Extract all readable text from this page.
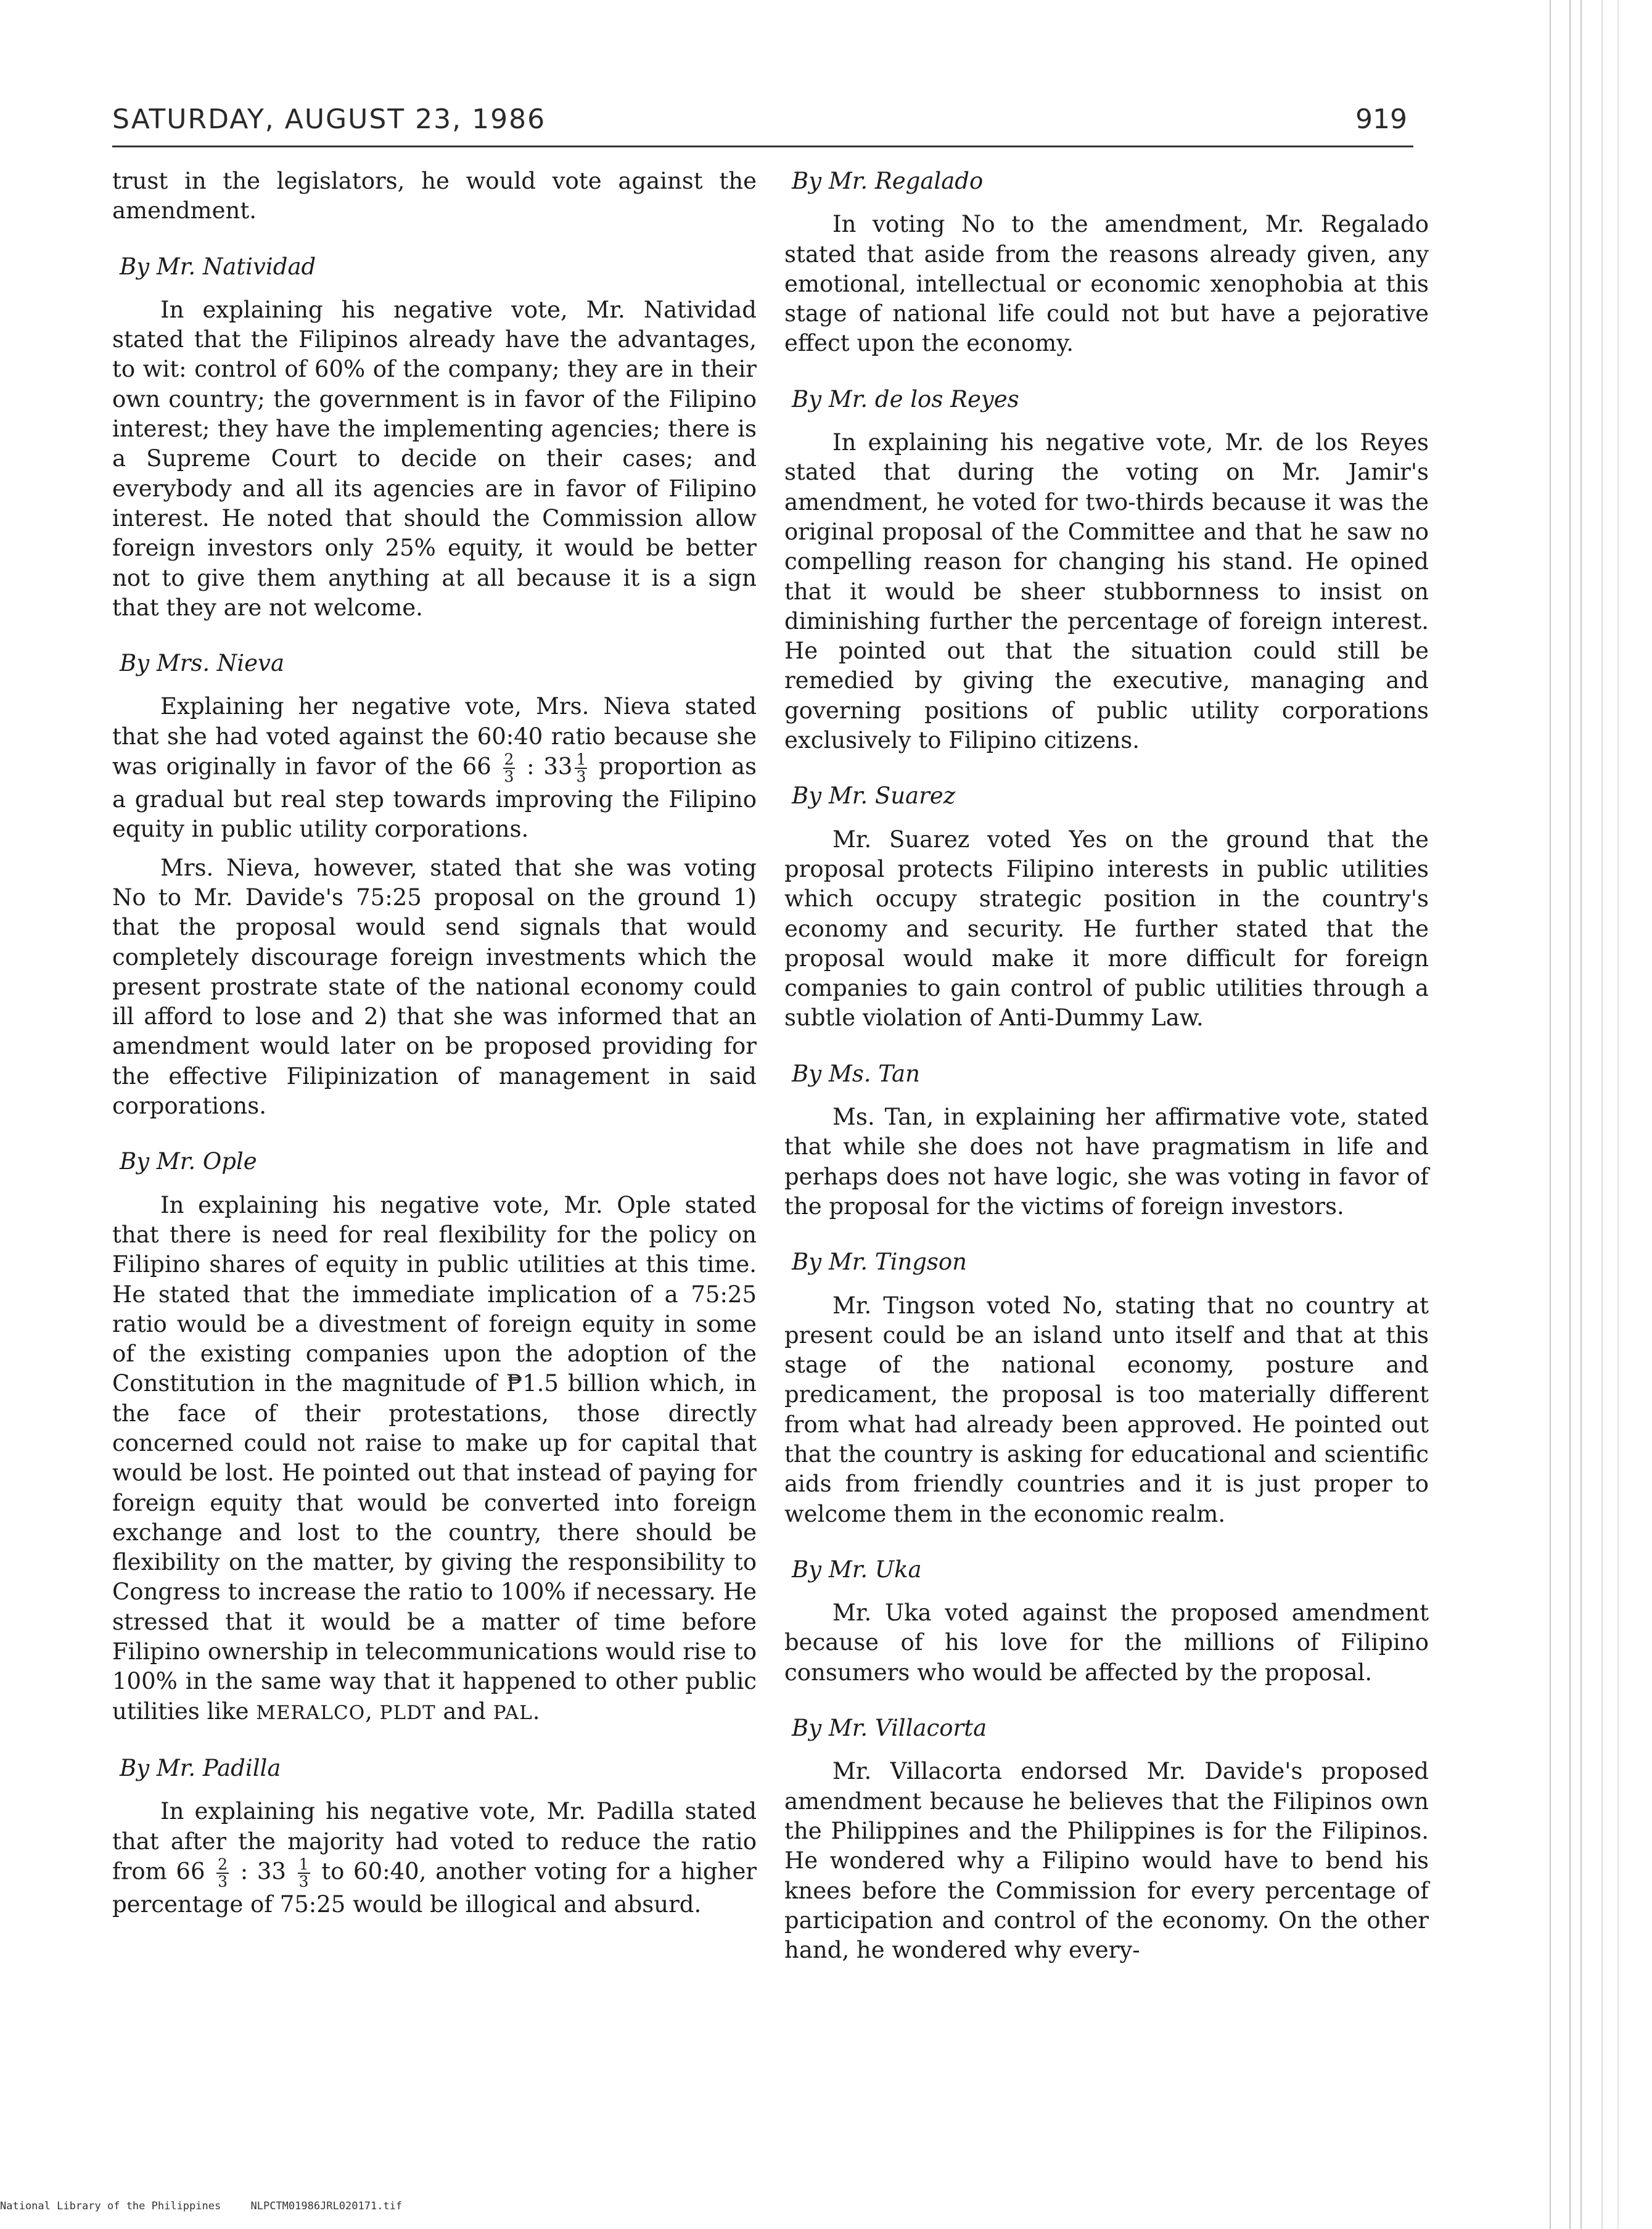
SATURDAY, AUGUST 23, 1986	919

trust in the legislators, he would vote against the amendment.

By Mr. Natividad

In explaining his negative vote, Mr. Natividad stated that the Filipinos already have the advantages, to wit: control of 60% of the company; they are in their own country; the government is in favor of the Filipino interest; they have the implementing agencies; there is a Supreme Court to decide on their cases; and everybody and all its agencies are in favor of Filipino interest. He noted that should the Commission allow foreign investors only 25% equity, it would be better not to give them anything at all because it is a sign that they are not welcome.

By Mrs. Nieva

Explaining her negative vote, Mrs. Nieva stated that she had voted against the 60:40 ratio because she was originally in favor of the $66 \frac{2}{3}$ : $33 \frac{1}{3}$ proportion as a gradual but real step towards improving the Filipino equity in public utility corporations.

Mrs. Nieva, however, stated that she was voting No to Mr. Davide's 75:25 proposal on the ground 1) that the proposal would send signals that would completely discourage foreign investments which the present prostrate state of the national economy could ill afford to lose and 2) that she was informed that an amendment would later on be proposed providing for the effective Filipinization of management in said corporations.

By Mr. Ople

In explaining his negative vote, Mr. Ople stated that there is need for real flexibility for the policy on Filipino shares of equity in public utilities at this time. He stated that the immediate implication of a 75:25 ratio would be a divestment of foreign equity in some of the existing companies upon the adoption of the Constitution in the magnitude of ₱1.5 billion which, in the face of their protestations, those directly concerned could not raise to make up for capital that would be lost. He pointed out that instead of paying for foreign equity that would be converted into foreign exchange and lost to the country, there should be flexibility on the matter, by giving the responsibility to Congress to increase the ratio to 100% if necessary. He stressed that it would be a matter of time before Filipino ownership in telecommunications would rise to 100% in the same way that it happened to other public utilities like MERALCO, PLDT and PAL.

By Mr. Padilla

In explaining his negative vote, Mr. Padilla stated that after the majority had voted to reduce the ratio from $66 \frac{2}{3}$ : $33 \frac{1}{3}$ to 60:40, another voting for a higher percentage of 75:25 would be illogical and absurd.

By Mr. Regalado

In voting No to the amendment, Mr. Regalado stated that aside from the reasons already given, any emotional, intellectual or economic xenophobia at this stage of national life could not but have a pejorative effect upon the economy.

By Mr. de los Reyes

In explaining his negative vote, Mr. de los Reyes stated that during the voting on Mr. Jamir's amendment, he voted for two-thirds because it was the original proposal of the Committee and that he saw no compelling reason for changing his stand. He opined that it would be sheer stubbornness to insist on diminishing further the percentage of foreign interest. He pointed out that the situation could still be remedied by giving the executive, managing and governing positions of public utility corporations exclusively to Filipino citizens.

By Mr. Suarez

Mr. Suarez voted Yes on the ground that the proposal protects Filipino interests in public utilities which occupy strategic position in the country's economy and security. He further stated that the proposal would make it more difficult for foreign companies to gain control of public utilities through a subtle violation of Anti-Dummy Law.

By Ms. Tan

Ms. Tan, in explaining her affirmative vote, stated that while she does not have pragmatism in life and perhaps does not have logic, she was voting in favor of the proposal for the victims of foreign investors.

By Mr. Tingson

Mr. Tingson voted No, stating that no country at present could be an island unto itself and that at this stage of the national economy, posture and predicament, the proposal is too materially different from what had already been approved. He pointed out that the country is asking for educational and scientific aids from friendly countries and it is just proper to welcome them in the economic realm.

By Mr. Uka

Mr. Uka voted against the proposed amendment because of his love for the millions of Filipino consumers who would be affected by the proposal.

By Mr. Villacorta

Mr. Villacorta endorsed Mr. Davide's proposed amendment because he believes that the Filipinos own the Philippines and the Philippines is for the Filipinos. He wondered why a Filipino would have to bend his knees before the Commission for every percentage of participation and control of the economy. On the other hand, he wondered why every-

National Library of the Philippines	NLPCTM01986JRL020171.tif
